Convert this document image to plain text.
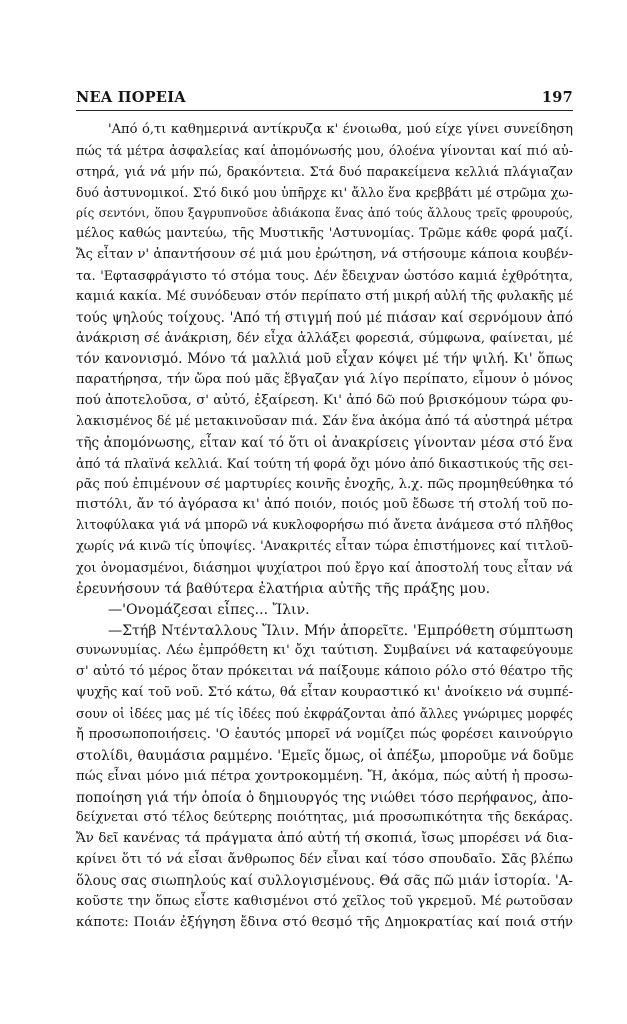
ΝΕΑ ΠΟΡΕΙΑ	197
'Από ό,τι καθημερινά αντίκρυζα κ' ένοιωθα, μού είχε γίνει συνείδηση
πώς τά μέτρα ἀσφαλείας καί ἀπομόνωσής μου, όλοένα γίνονται καί πιό αὐ-
στηρά, γιά νά μήν πώ, δρακόντεια. Στά δυό παρακείμενα κελλιά πλάγιαζαν
δυό ἀστυνομικοί. Στό δικό μου ὑπῆρχε κι' ἄλλο ἕνα κρεββάτι μέ στρῶμα χω-
ρίς σεντόνι, ὅπου ξαγρυπνοῦσε ἀδιάκοπα ἕνας ἀπό τούς ἄλλους τρεῖς φρουρούς,
μέλος καθώς μαντεύω, τῆς Μυστικῆς 'Αστυνομίας. Τρῶμε κάθε φορά μαζί.
Ἄς εἶταν ν' ἀπαντήσουν σέ μιά μου ἐρώτηση, νά στήσουμε κάποια κουβέν-
τα. 'Εφτασφράγιστο τό στόμα τους. Δέν ἔδειχναν ὡστόσο καμιά ἐχθρότητα,
καμιά κακία. Μέ συνόδευαν στόν περίπατο στή μικρή αὐλή τῆς φυλακῆς μέ
τούς ψηλούς τοίχους. 'Από τή στιγμή πού μέ πιάσαν καί σερνόμουν ἀπό
ἀνάκριση σέ ἀνάκριση, δέν εἶχα ἀλλάξει φορεσιά, σύμφωνα, φαίνεται, μέ
τόν κανονισμό. Μόνο τά μαλλιά μοῦ εἶχαν κόψει μέ τήν ψιλή. Κι' ὅπως
παρατήρησα, τήν ὥρα πού μᾶς ἔβγαζαν γιά λίγο περίπατο, εἶμουν ὁ μόνος
πού ἀποτελοῦσα, σ' αὐτό, ἐξαίρεση. Κι' ἀπό δῶ πού βρισκόμουν τώρα φυ-
λακισμένος δέ μέ μετακινοῦσαν πιά. Σάν ἕνα ἀκόμα ἀπό τά αὐστηρά μέτρα
τῆς ἀπομόνωσης, εἶταν καί τό ὅτι οἱ ἀνακρίσεις γίνονταν μέσα στό ἕνα
ἀπό τά πλαϊνά κελλιά. Καί τούτη τή φορά ὄχι μόνο ἀπό δικαστικούς τῆς σει-
ρᾶς πού ἐπιμένουν σέ μαρτυρίες κοινῆς ἐνοχῆς, λ.χ. πῶς προμηθεύθηκα τό
πιστόλι, ἄν τό ἀγόρασα κι' ἀπό ποιόν, ποιός μοῦ ἔδωσε τή στολή τοῦ πο-
λιτοφύλακα γιά νά μπορῶ νά κυκλοφορήσω πιό ἄνετα ἀνάμεσα στό πλῆθος
χωρίς νά κινῶ τίς ὑποψίες. 'Ανακριτές εἶταν τώρα ἐπιστήμονες καί τιτλοῦ-
χοι ὀνομασμένοι, διάσημοι ψυχίατροι πού ἔργο καί ἀποστολή τους εἶταν νά
ἐρευνήσουν τά βαθύτερα ἐλατήρια αὐτῆς τῆς πράξης μου.
—'Ονομάζεσαι εἶπες... Ἴλιν.
—Στήβ Ντένταλλους Ἴλιν. Μήν ἀπορεῖτε. 'Εμπρόθετη σύμπτωση
συνωνυμίας. Λέω ἐμπρόθετη κι' ὄχι ταύτιση. Συμβαίνει νά καταφεύγουμε
σ' αὐτό τό μέρος ὅταν πρόκειται νά παίξουμε κάποιο ρόλο στό θέατρο τῆς
ψυχῆς καί τοῦ νοῦ. Στό κάτω, θά εἶταν κουραστικό κι' ἀνοίκειο νά συμπέ-
σουν οἱ ἰδέες μας μέ τίς ἰδέες πού ἐκφράζονται ἀπό ἄλλες γνώριμες μορφές
ἤ προσωποποιήσεις. 'Ο ἑαυτός μπορεῖ νά νομίζει πώς φορέσει καινούργιο
στολίδι, θαυμάσια ραμμένο. 'Εμεῖς ὅμως, οἱ ἀπέξω, μποροῦμε νά δοῦμε
πώς εἶναι μόνο μιά πέτρα χοντροκομμένη. Ἤ, ἀκόμα, πώς αὐτή ἡ προσω-
ποποίηση γιά τήν ὁποία ὁ δημιουργός της νιώθει τόσο περήφανος, ἀπο-
δείχνεται στό τέλος δεύτερης ποιότητας, μιά προσωπικότητα τῆς δεκάρας.
Ἄν δεῖ κανένας τά πράγματα ἀπό αὐτή τή σκοπιά, ἴσως μπορέσει νά δια-
κρίνει ὅτι τό νά εἶσαι ἄνθρωπος δέν εἶναι καί τόσο σπουδαῖο. Σᾶς βλέπω
ὅλους σας σιωπηλούς καί συλλογισμένους. Θά σᾶς πῶ μιάν ἱστορία. 'Α-
κοῦστε την ὅπως εἶστε καθισμένοι στό χεῖλος τοῦ γκρεμοῦ. Μέ ρωτοῦσαν
κάποτε: Ποιάν ἐξήγηση ἔδινα στό θεσμό τῆς Δημοκρατίας καί ποιά στήν
